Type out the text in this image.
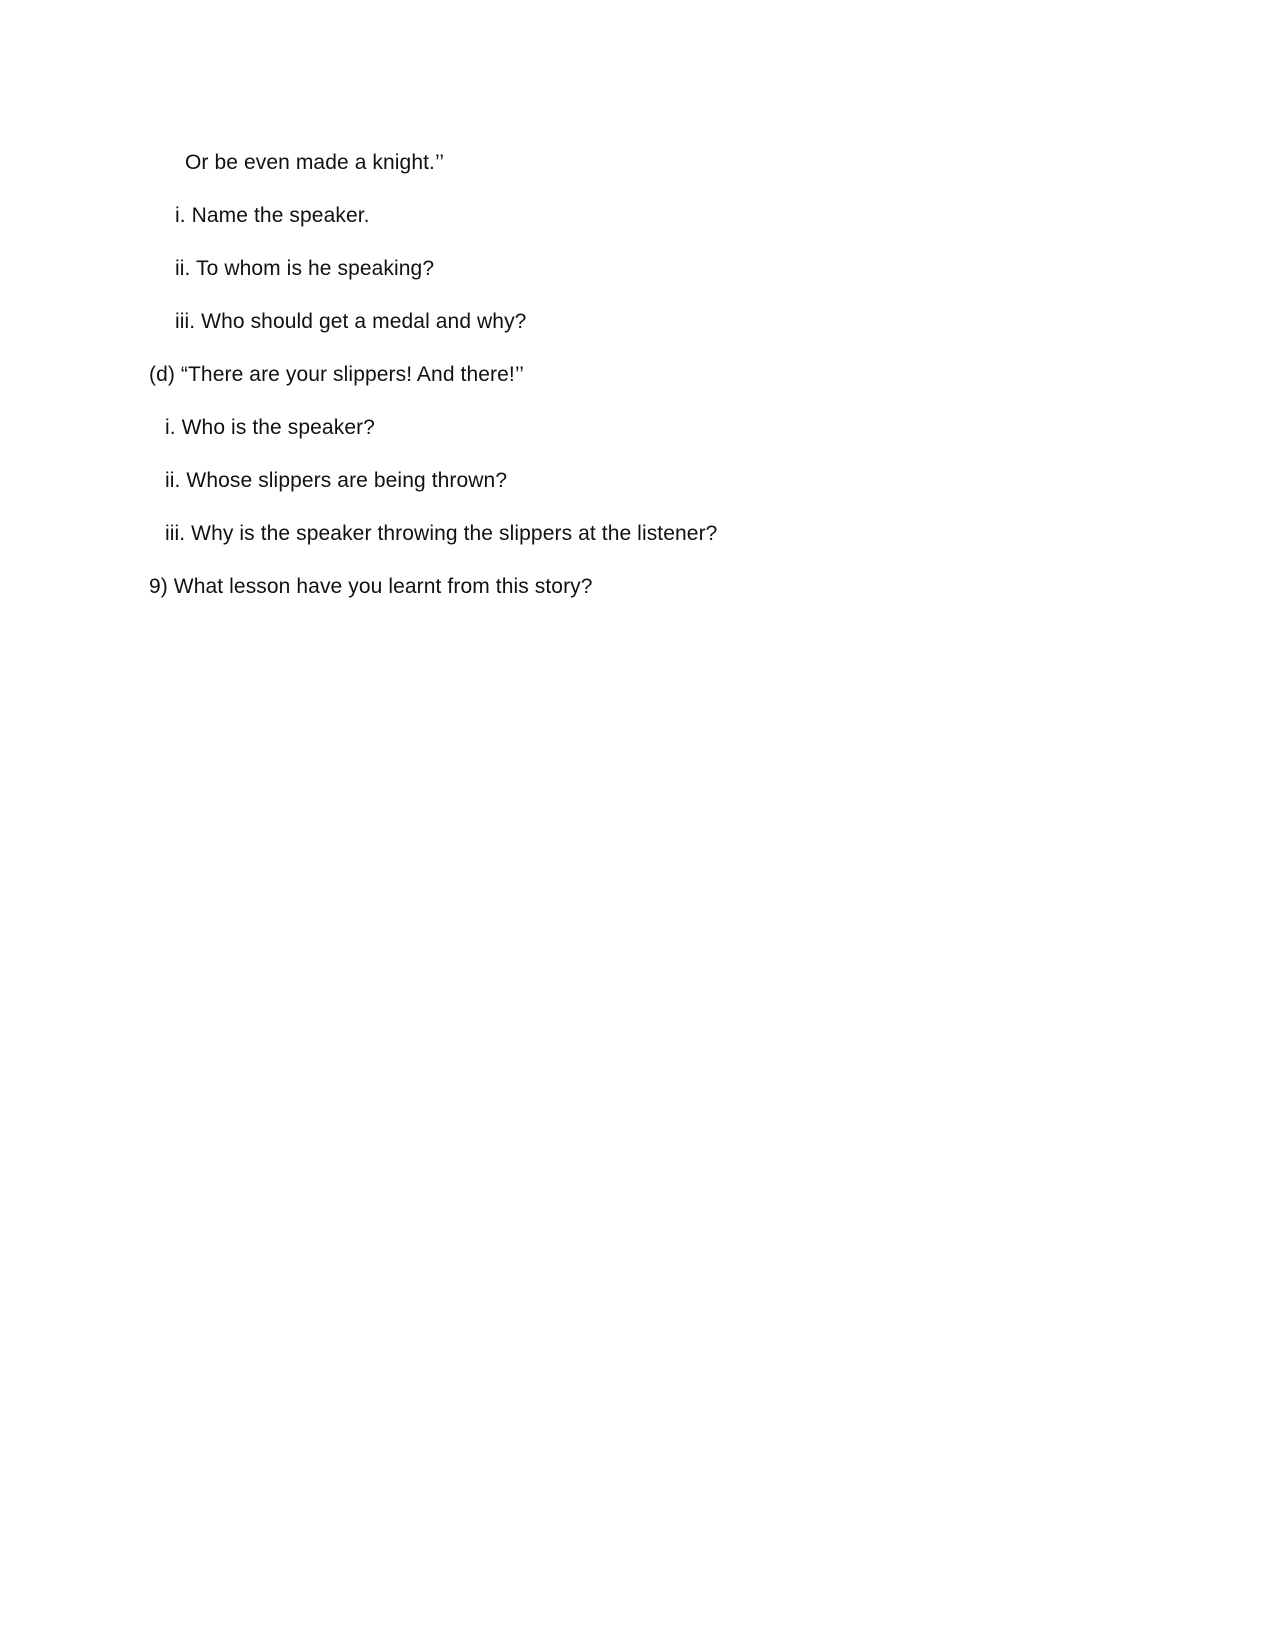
Or be even made a knight.’’
i. Name the speaker.
ii. To whom is he speaking?
iii. Who should get a medal and why?
(d) “There are your slippers! And there!’’
i. Who is the speaker?
ii. Whose slippers are being thrown?
iii. Why is the speaker throwing the slippers at the listener?
9) What lesson have you learnt from this story?
